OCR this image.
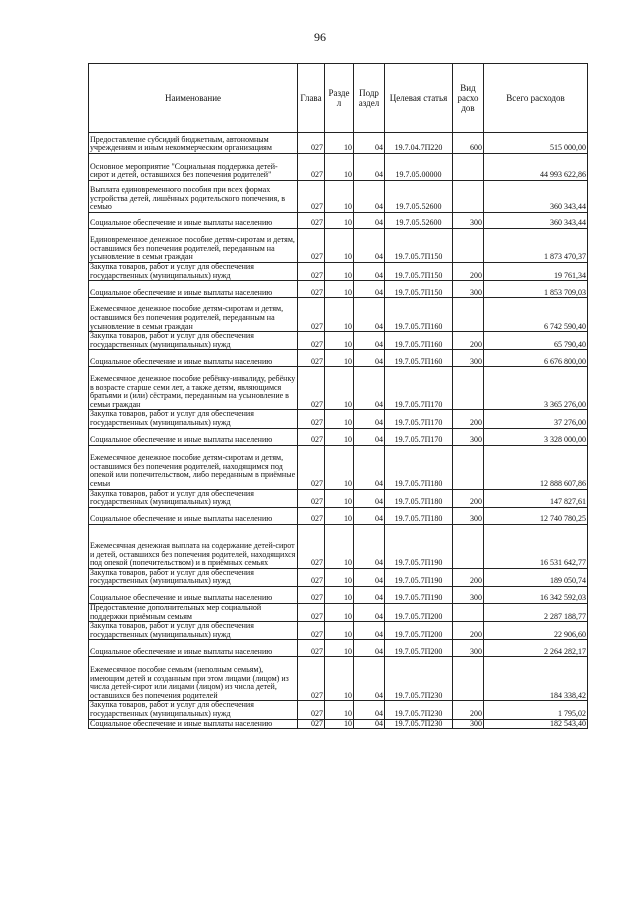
96
Наименование	Глава	Разде л	Подр аздел	Целевая статья	Вид расхо дов	Всего расходов
Предоставление субсидий бюджетным, автономным учреждениям и иным некоммерческим организациям	027	10	04	19.7.04.7П220	600	515 000,00
Основное мероприятие "Социальная поддержка детей-сирот и детей, оставшихся без попечения родителей"	027	10	04	19.7.05.00000		44 993 622,86
Выплата единовременного пособия при всех формах устройства детей, лишённых родительского попечения, в семью	027	10	04	19.7.05.52600		360 343,44
Социальное обеспечение и иные выплаты населению	027	10	04	19.7.05.52600	300	360 343,44
Единовременное денежное пособие детям-сиротам и детям, оставшимся без попечения родителей, переданным на усыновление в семьи граждан	027	10	04	19.7.05.7П150		1 873 470,37
Закупка товаров, работ и услуг для обеспечения государственных (муниципальных) нужд	027	10	04	19.7.05.7П150	200	19 761,34
Социальное обеспечение и иные выплаты населению	027	10	04	19.7.05.7П150	300	1 853 709,03
Ежемесячное денежное пособие детям-сиротам и детям, оставшимся без попечения родителей, переданным на усыновление в семьи граждан	027	10	04	19.7.05.7П160		6 742 590,40
Закупка товаров, работ и услуг для обеспечения государственных (муниципальных) нужд	027	10	04	19.7.05.7П160	200	65 790,40
Социальное обеспечение и иные выплаты населению	027	10	04	19.7.05.7П160	300	6 676 800,00
Ежемесячное денежное пособие ребёнку-инвалиду, ребёнку в возрасте старше семи лет, а также детям, являющимся братьями и (или) сёстрами, переданным на усыновление в семьи граждан	027	10	04	19.7.05.7П170		3 365 276,00
Закупка товаров, работ и услуг для обеспечения государственных (муниципальных) нужд	027	10	04	19.7.05.7П170	200	37 276,00
Социальное обеспечение и иные выплаты населению	027	10	04	19.7.05.7П170	300	3 328 000,00
Ежемесячное денежное пособие детям-сиротам и детям, оставшимся без попечения родителей, находящимся под опекой или попечительством, либо переданным в приёмные семьи	027	10	04	19.7.05.7П180		12 888 607,86
Закупка товаров, работ и услуг для обеспечения государственных (муниципальных) нужд	027	10	04	19.7.05.7П180	200	147 827,61
Социальное обеспечение и иные выплаты населению	027	10	04	19.7.05.7П180	300	12 740 780,25
Ежемесячная денежная выплата на содержание детей-сирот и детей, оставшихся без попечения родителей, находящихся под опекой (попечительством) и в приёмных семьях	027	10	04	19.7.05.7П190		16 531 642,77
Закупка товаров, работ и услуг для обеспечения государственных (муниципальных) нужд	027	10	04	19.7.05.7П190	200	189 050,74
Социальное обеспечение и иные выплаты населению	027	10	04	19.7.05.7П190	300	16 342 592,03
Предоставление дополнительных мер социальной поддержки приёмным семьям	027	10	04	19.7.05.7П200		2 287 188,77
Закупка товаров, работ и услуг для обеспечения государственных (муниципальных) нужд	027	10	04	19.7.05.7П200	200	22 906,60
Социальное обеспечение и иные выплаты населению	027	10	04	19.7.05.7П200	300	2 264 282,17
Ежемесячное пособие семьям (неполным семьям), имеющим детей и созданным при этом лицами (лицом) из числа детей-сирот или лицами (лицом) из числа детей, оставшихся без попечения родителей	027	10	04	19.7.05.7П230		184 338,42
Закупка товаров, работ и услуг для обеспечения государственных (муниципальных) нужд	027	10	04	19.7.05.7П230	200	1 795,02
Социальное обеспечение и иные выплаты населению	027	10	04	19.7.05.7П230	300	182 543,40
